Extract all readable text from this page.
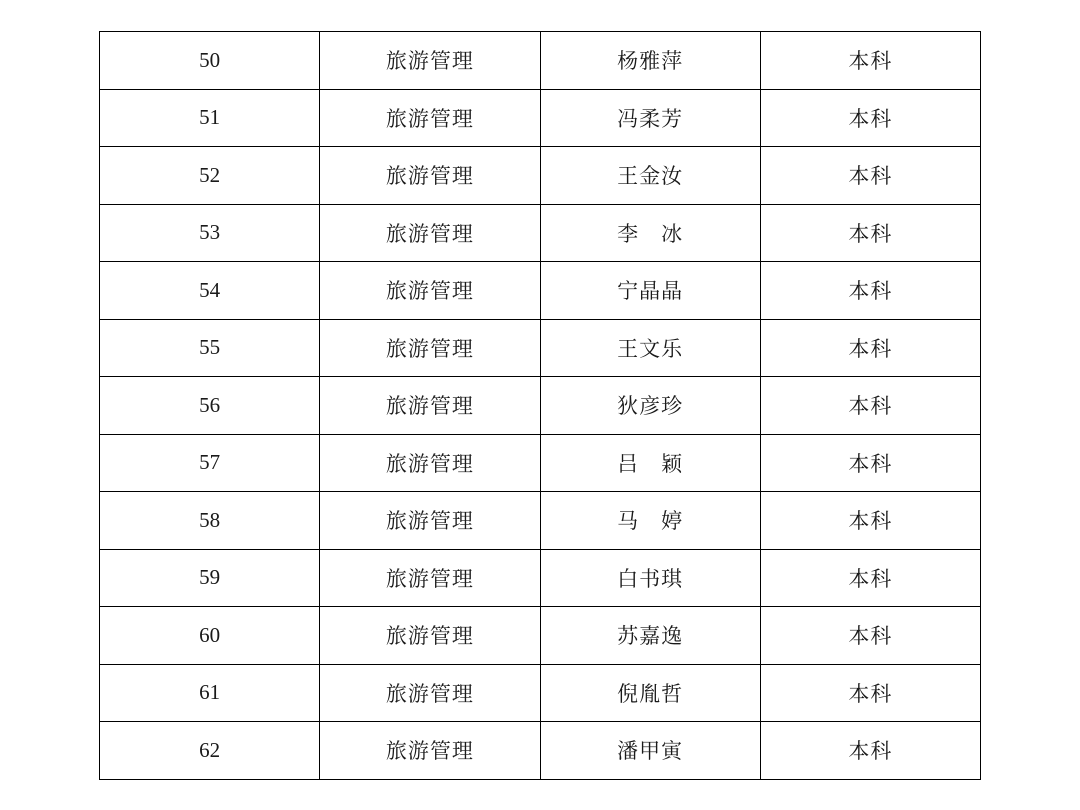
50	旅游管理	杨雅萍	本科
51	旅游管理	冯柔芳	本科
52	旅游管理	王金汝	本科
53	旅游管理	李　冰	本科
54	旅游管理	宁晶晶	本科
55	旅游管理	王文乐	本科
56	旅游管理	狄彦珍	本科
57	旅游管理	吕　颖	本科
58	旅游管理	马　婷	本科
59	旅游管理	白书琪	本科
60	旅游管理	苏嘉逸	本科
61	旅游管理	倪胤哲	本科
62	旅游管理	潘甲寅	本科
